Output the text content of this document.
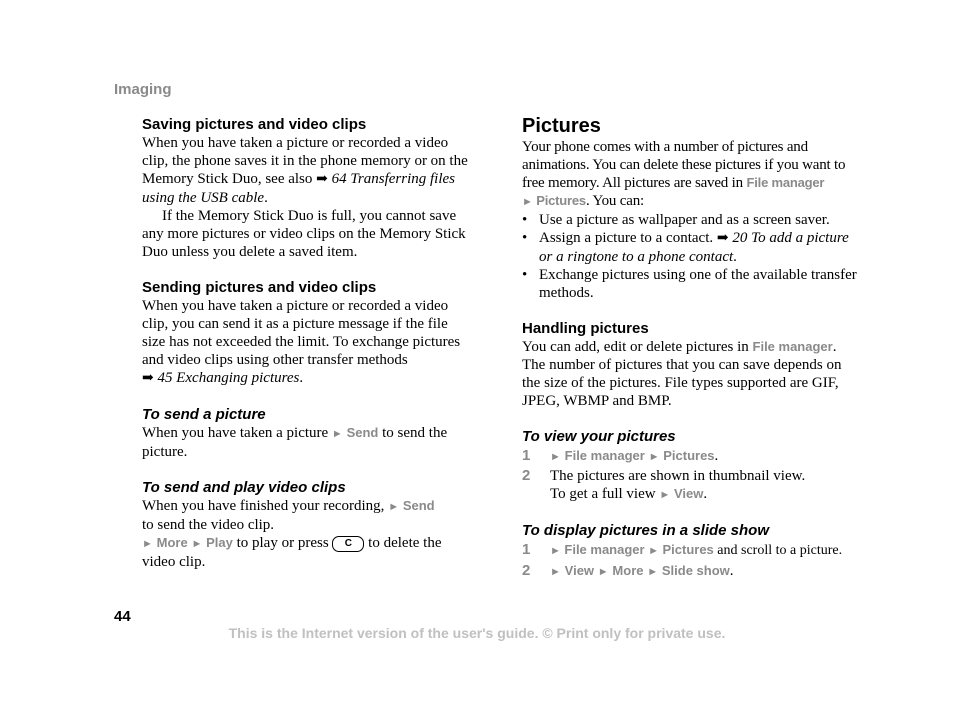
Imaging
Saving pictures and video clips

When you have taken a picture or recorded a video clip, the phone saves it in the phone memory or on the Memory Stick Duo, see also ➡ 64 Transferring files using the USB cable.

If the Memory Stick Duo is full, you cannot save any more pictures or video clips on the Memory Stick Duo unless you delete a saved item.

Sending pictures and video clips

When you have taken a picture or recorded a video clip, you can send it as a picture message if the file size has not exceeded the limit. To exchange pictures and video clips using other transfer methods
➡ 45 Exchanging pictures.

To send a picture

When you have taken a picture ► Send to send the picture.

To send and play video clips

When you have finished your recording, ► Send
to send the video clip.

► More ► Play to play or press C to delete the video clip.

Pictures

Your phone comes with a number of pictures and animations. You can delete these pictures if you want to free memory. All pictures are saved in File manager
► Pictures. You can:

• Use a picture as wallpaper and as a screen saver.
• Assign a picture to a contact. ➡ 20 To add a picture or a ringtone to a phone contact.
• Exchange pictures using one of the available transfer methods.
Handling pictures

You can add, edit or delete pictures in File manager. The number of pictures that you can save depends on the size of the pictures. File types supported are GIF, JPEG, WBMP and BMP.

To view your pictures
1 ► File manager ► Pictures.
2 The pictures are shown in thumbnail view.
To get a full view ► View.
To display pictures in a slide show
1 ► File manager ► Pictures and scroll to a picture.
2 ► View ► More ► Slide show.
44
This is the Internet version of the user's guide. © Print only for private use.
